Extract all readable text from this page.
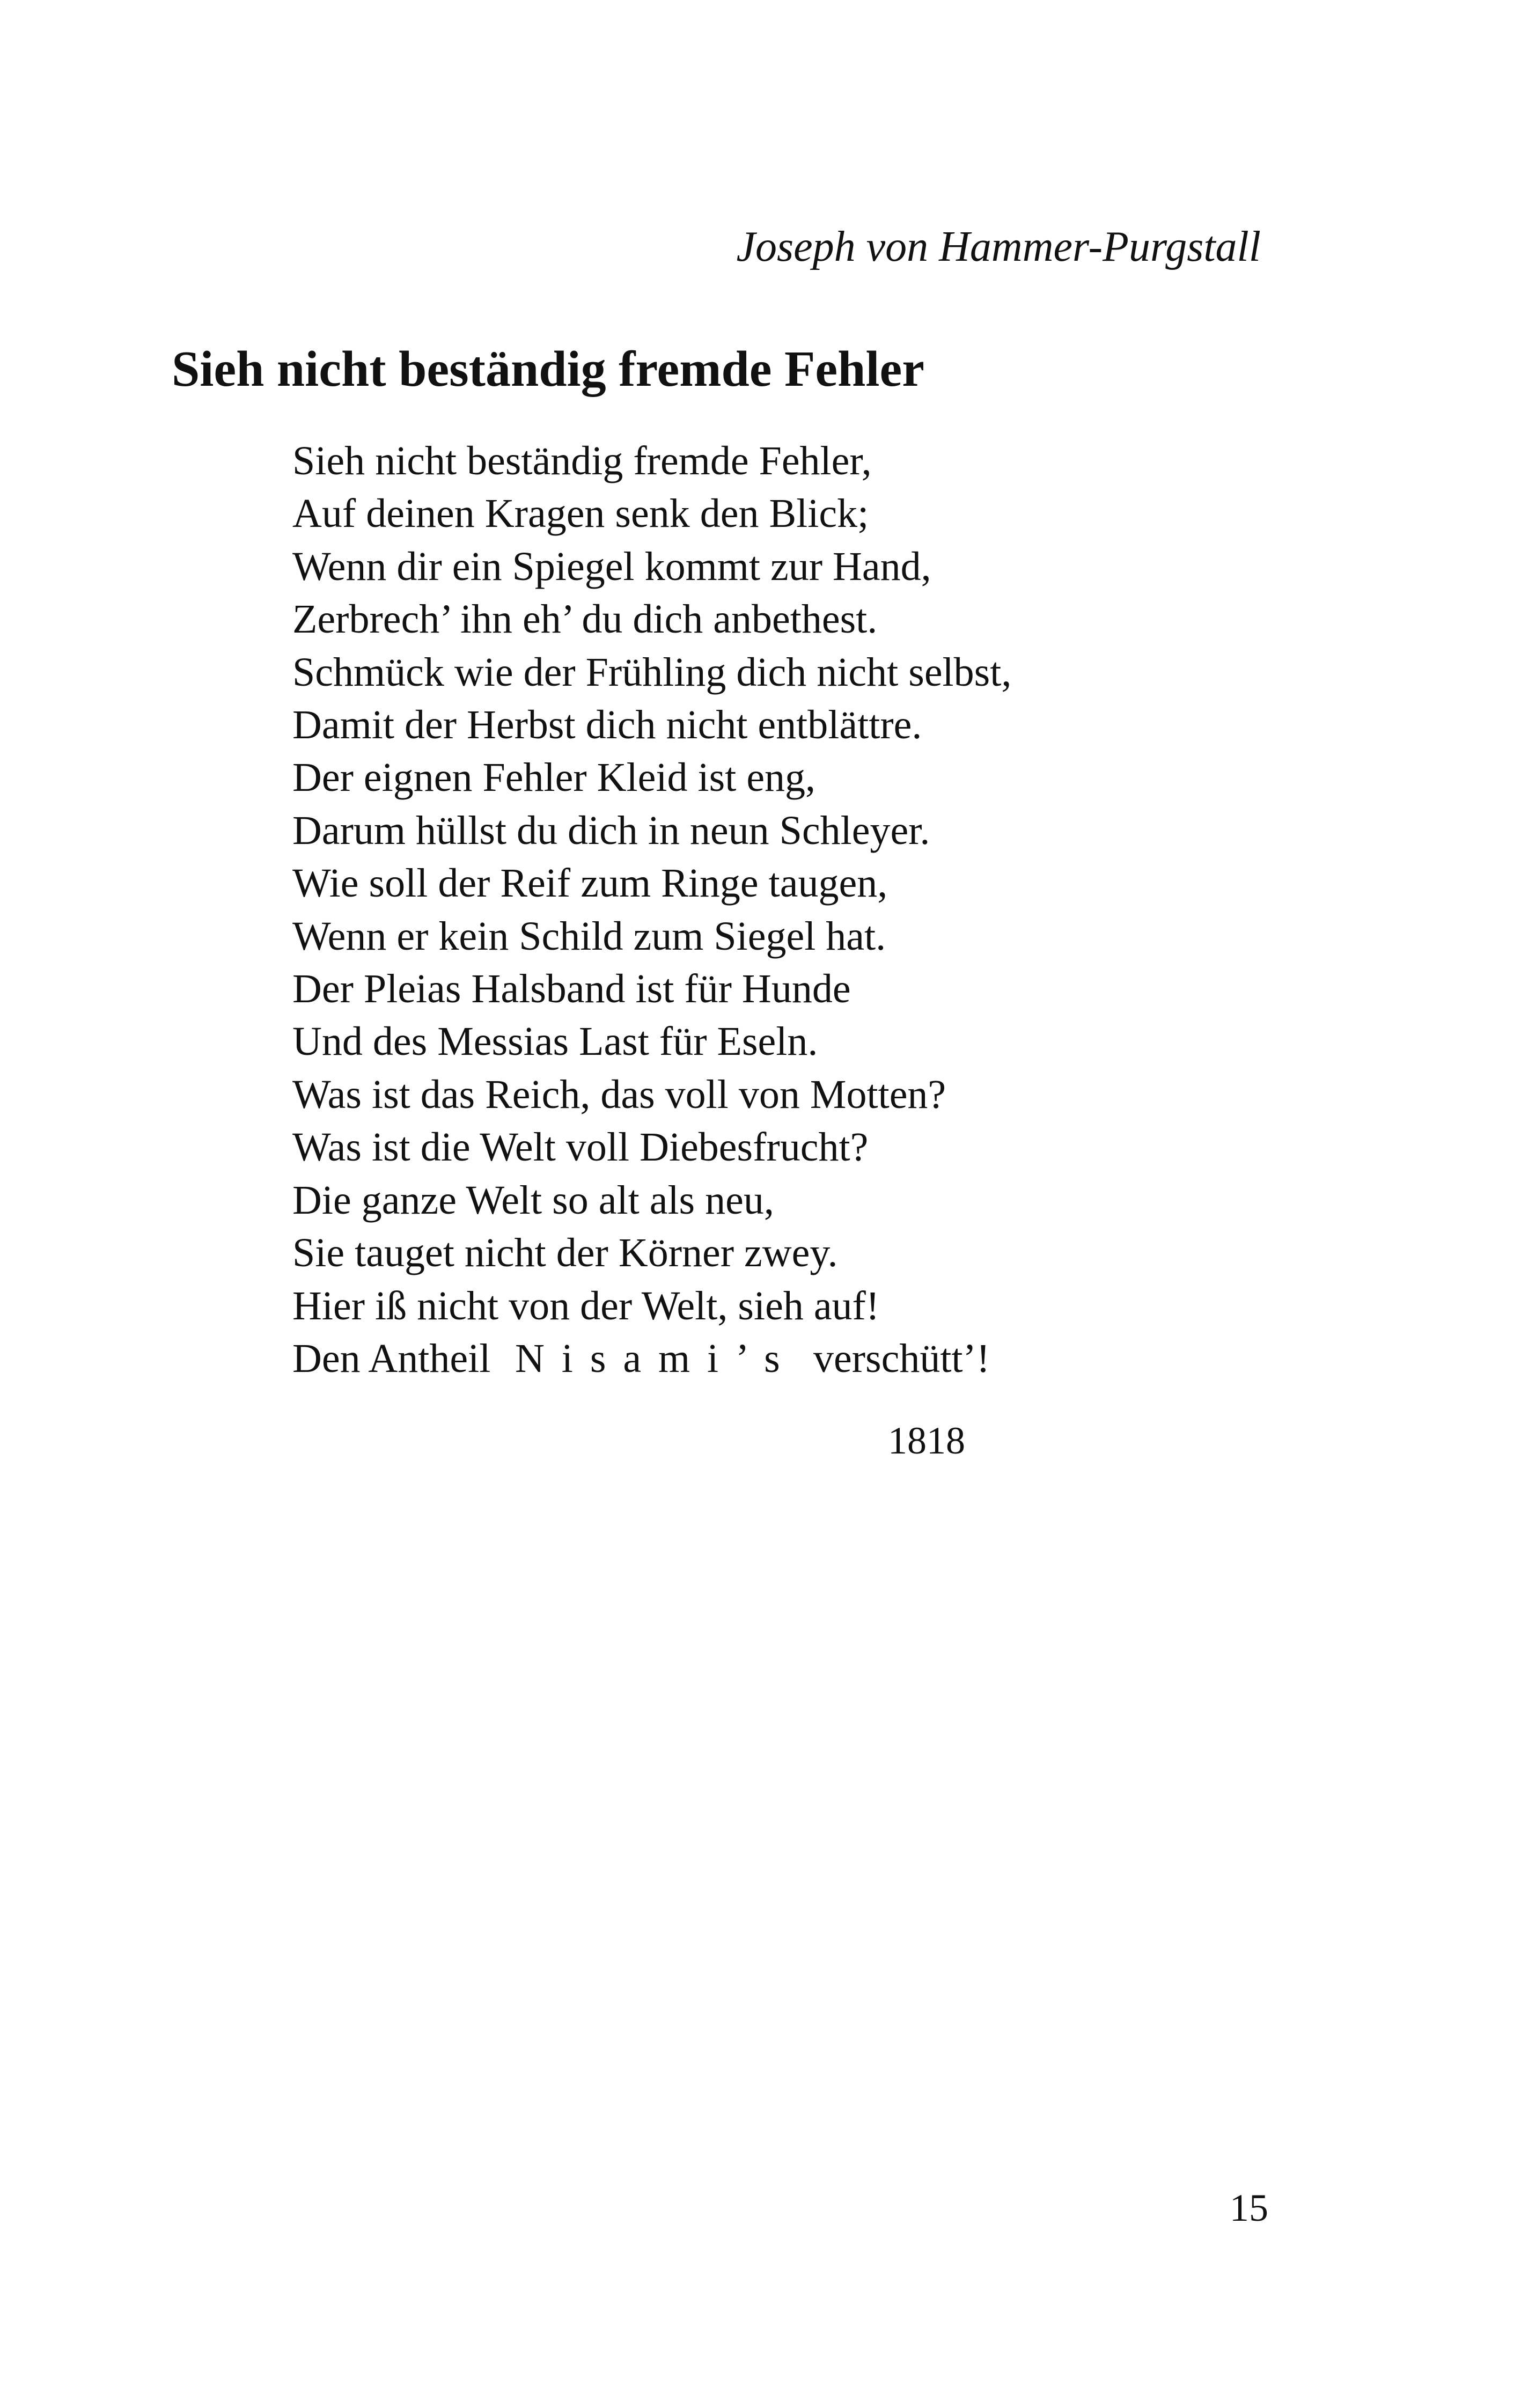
Joseph von Hammer-Purgstall
Sieh nicht beständig fremde Fehler
Sieh nicht beständig fremde Fehler,
Auf deinen Kragen senk den Blick;
Wenn dir ein Spiegel kommt zur Hand,
Zerbrech’ ihn eh’ du dich anbethest.
Schmück wie der Frühling dich nicht selbst,
Damit der Herbst dich nicht entblättre.
Der eignen Fehler Kleid ist eng,
Darum hüllst du dich in neun Schleyer.
Wie soll der Reif zum Ringe taugen,
Wenn er kein Schild zum Siegel hat.
Der Pleias Halsband ist für Hunde
Und des Messias Last für Eseln.
Was ist das Reich, das voll von Motten?
Was ist die Welt voll Diebesfrucht?
Die ganze Welt so alt als neu,
Sie tauget nicht der Körner zwey.
Hier iß nicht von der Welt, sieh auf!
Den Antheil Nisami’s verschütt’!
1818
15
